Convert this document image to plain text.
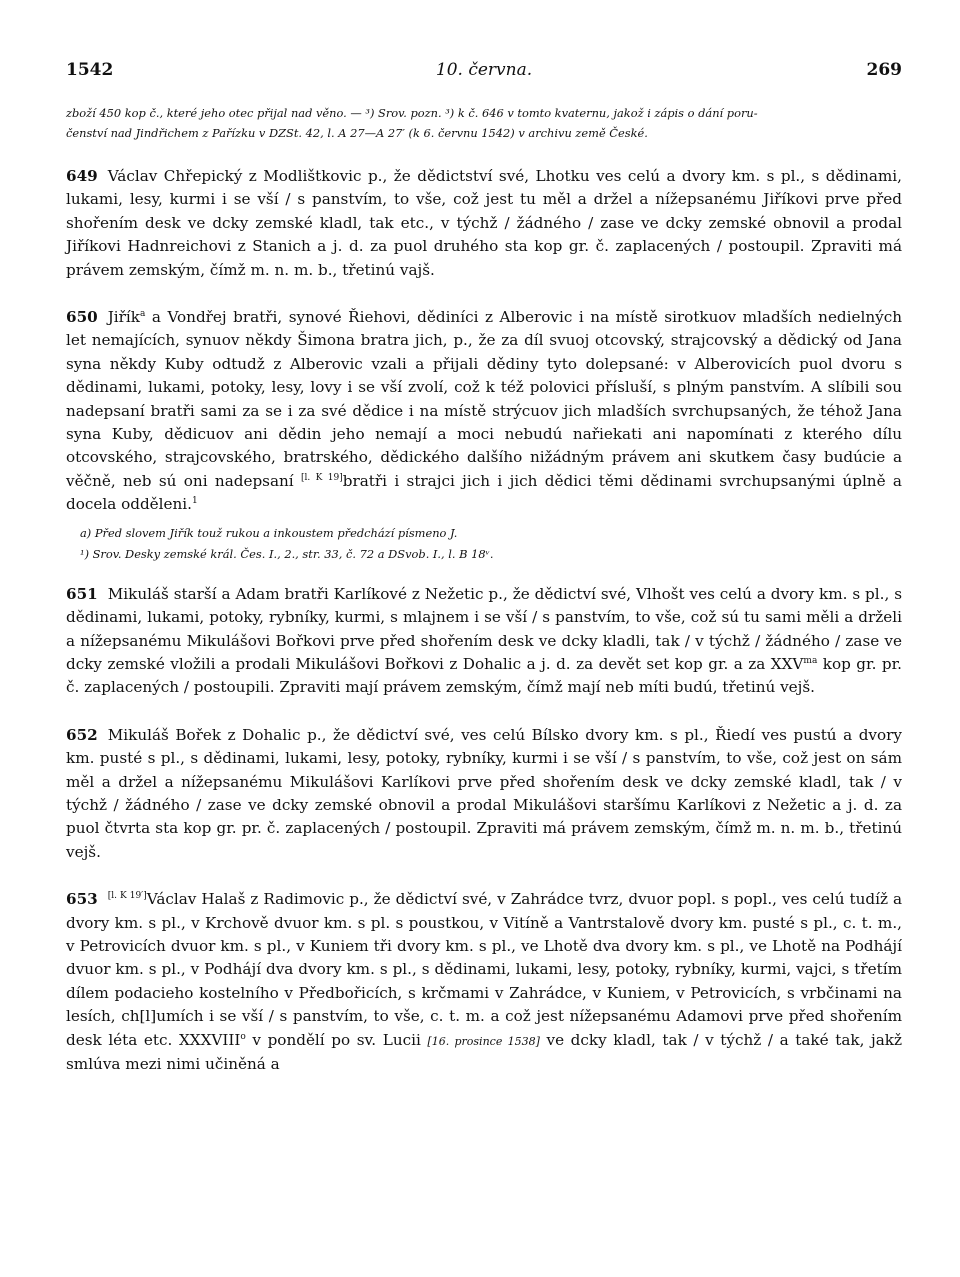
1542	10. června.	269
zboží 450 kop č., které jeho otec přijal nad věno. — ³) Srov. pozn. ³) k č. 646 v tomto kvaternu, jakož i zápis o dání poru-
čenství nad Jindřichem z Pařízku v DZSt. 42, l. A 27—A 27′ (k 6. červnu 1542) v archivu země České.

649 Václav Chřepický z Modlištkovic p., že dědictství své, Lhotku ves celú a dvory km. s pl., s dědinami, lukami, lesy, kurmi i se vší / s panstvím, to vše, což jest tu měl a držel a nížepsanému Jiříkovi prve před shořením desk ve dcky zemské kladl, tak etc., v týchž / žádného / zase ve dcky zemské obnovil a prodal Jiříkovi Hadnreichovi z Stanich a j. d. za puol druhého sta kop gr. č. zaplacených / postoupil. Zpraviti má právem zemským, čímž m. n. m. b., třetinú vajš.

650 Jiřík$^a$ a Vondřej bratři, synové Řiehovi, dědiníci z Alberovic i na místě sirotkuov mladších nedielných let nemajících, synuov někdy Šimona bratra jich, p., že za díl svuoj otcovský, strajcovský a dědický od Jana syna někdy Kuby odtudž z Alberovic vzali a přijali dědiny tyto dolepsané: v Alberovicích puol dvoru s dědinami, lukami, potoky, lesy, lovy i se vší zvolí, což k též polovici přísluší, s plným panstvím. A slíbili sou nadepsaní bratři sami za se i za své dědice i na místě strýcuov jich mladších svrchupsaných, že téhož Jana syna Kuby, dědicuov ani dědin jeho nemají a moci nebudú nařiekati ani napomínati z kterého dílu otcovského, strajcovského, bratrského, dědického dalšího nižádným právem ani skutkem časy budúcie a věčně, neb sú oni nadepsaní [l. K 19]bratři i strajci jich i jich dědici těmi dědinami svrchupsanými úplně a docela odděleni.$^1$

a) Před slovem Jiřík touž rukou a inkoustem předchází písmeno J.
¹) Srov. Desky zemské král. Čes. I., 2., str. 33, č. 72 a DSvob. I., l. B 18ᵛ.

651 Mikuláš starší a Adam bratři Karlíkové z Nežetic p., že dědictví své, Vlhošt ves celú a dvory km. s pl., s dědinami, lukami, potoky, rybníky, kurmi, s mlajnem i se vší / s panstvím, to vše, což sú tu sami měli a drželi a nížepsanému Mikulášovi Bořkovi prve před shořením desk ve dcky kladli, tak / v týchž / žádného / zase ve dcky zemské vložili a prodali Mikulášovi Bořkovi z Dohalic a j. d. za devět set kop gr. a za $XXV^{ma}$ kop gr. pr. č. zaplacených / postoupili. Zpraviti mají právem zemským, čímž mají neb míti budú, třetinú vejš.

652 Mikuláš Bořek z Dohalic p., že dědictví své, ves celú Bílsko dvory km. s pl., Řiedí ves pustú a dvory km. pusté s pl., s dědinami, lukami, lesy, potoky, rybníky, kurmi i se vší / s panstvím, to vše, což jest on sám měl a držel a nížepsanému Mikulášovi Karlíkovi prve před shořením desk ve dcky zemské kladl, tak / v týchž / žádného / zase ve dcky zemské obnovil a prodal Mikulášovi staršímu Karlíkovi z Nežetic a j. d. za puol čtvrta sta kop gr. pr. č. zaplacených / postoupil. Zpraviti má právem zemským, čímž m. n. m. b., třetinú vejš.

653 [l. K 19′]Václav Halaš z Radimovic p., že dědictví své, v Zahrádce tvrz, dvuor popl. s popl., ves celú tudíž a dvory km. s pl., v Krchově dvuor km. s pl. s poustkou, v Vitíně a Vantrstalově dvory km. pusté s pl., c. t. m., v Petrovicích dvuor km. s pl., v Kuniem tři dvory km. s pl., ve Lhotě dva dvory km. s pl., ve Lhotě na Podhájí dvuor km. s pl., v Podhájí dva dvory km. s pl., s dědinami, lukami, lesy, potoky, rybníky, kurmi, vajci, s třetím dílem podacieho kostelního v Předbořicích, s krčmami v Zahrádce, v Kuniem, v Petrovicích, s vrbčinami na lesích, ch[l]umích i se vší / s panstvím, to vše, c. t. m. a což jest nížepsanému Adamovi prve před shořením desk léta etc. XXXVIII$^o$ v pondělí po sv. Lucii [16. prosince 1538] ve dcky kladl, tak / v týchž / a také tak, jakž smlúva mezi nimi učiněná a
